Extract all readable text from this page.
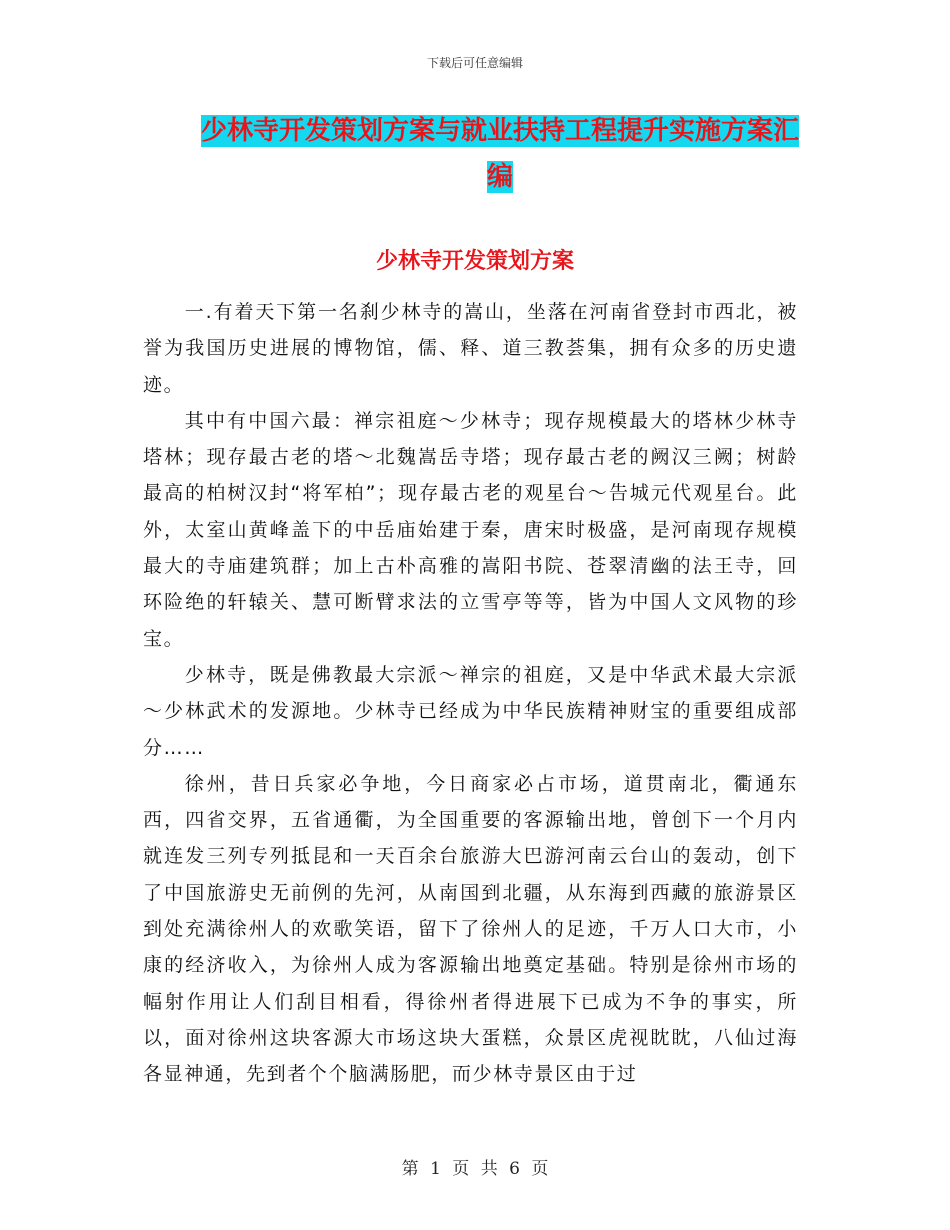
下载后可任意编辑
少林寺开发策划方案与就业扶持工程提升实施方案汇编
少林寺开发策划方案

一.有着天下第一名刹少林寺的嵩山，坐落在河南省登封市西北，被誉为我国历史进展的博物馆，儒、释、道三教荟集，拥有众多的历史遗迹。

其中有中国六最：禅宗祖庭～少林寺；现存规模最大的塔林少林寺塔林；现存最古老的塔～北魏嵩岳寺塔；现存最古老的阙汉三阙；树龄最高的柏树汉封“将军柏”；现存最古老的观星台～告城元代观星台。此外，太室山黄峰盖下的中岳庙始建于秦，唐宋时极盛，是河南现存规模最大的寺庙建筑群；加上古朴高雅的嵩阳书院、苍翠清幽的法王寺，回环险绝的轩辕关、慧可断臂求法的立雪亭等等，皆为中国人文风物的珍宝。

少林寺，既是佛教最大宗派～禅宗的祖庭，又是中华武术最大宗派～少林武术的发源地。少林寺已经成为中华民族精神财宝的重要组成部分……

徐州，昔日兵家必争地，今日商家必占市场，道贯南北，衢通东西，四省交界，五省通衢，为全国重要的客源输出地，曾创下一个月内就连发三列专列抵昆和一天百余台旅游大巴游河南云台山的轰动，创下了中国旅游史无前例的先河，从南国到北疆，从东海到西藏的旅游景区到处充满徐州人的欢歌笑语，留下了徐州人的足迹，千万人口大市，小康的经济收入，为徐州人成为客源输出地奠定基础。特别是徐州市场的幅射作用让人们刮目相看，得徐州者得进展下已成为不争的事实，所以，面对徐州这块客源大市场这块大蛋糕，众景区虎视眈眈，八仙过海各显神通，先到者个个脑满肠肥，而少林寺景区由于过

第 1 页 共 6 页
